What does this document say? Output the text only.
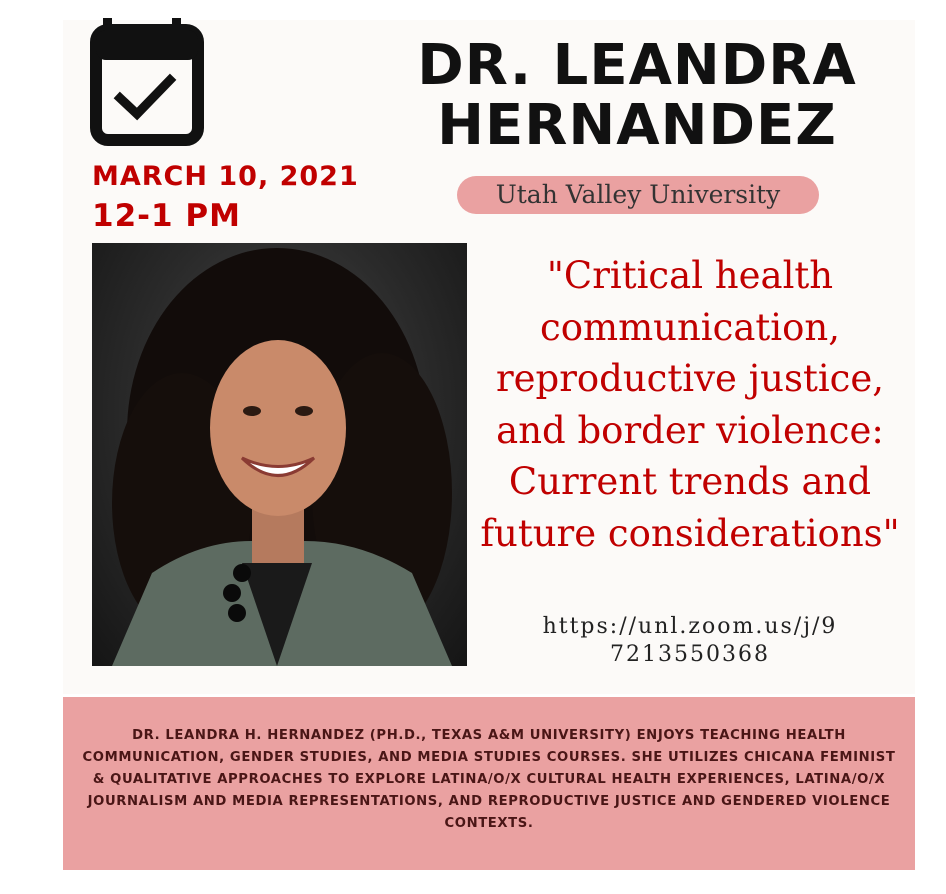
DR. LEANDRA
HERNANDEZ
Utah Valley University
MARCH 10, 2021
12-1 PM
"Critical health communication, reproductive justice, and border violence: Current trends and future considerations"
https://unl.zoom.us/j/9
7213550368

DR. LEANDRA H. HERNANDEZ (PH.D., TEXAS A&M UNIVERSITY) ENJOYS TEACHING HEALTH COMMUNICATION, GENDER STUDIES, AND MEDIA STUDIES COURSES. SHE UTILIZES CHICANA FEMINIST & QUALITATIVE APPROACHES TO EXPLORE LATINA/O/X CULTURAL HEALTH EXPERIENCES, LATINA/O/X JOURNALISM AND MEDIA REPRESENTATIONS, AND REPRODUCTIVE JUSTICE AND GENDERED VIOLENCE CONTEXTS.
